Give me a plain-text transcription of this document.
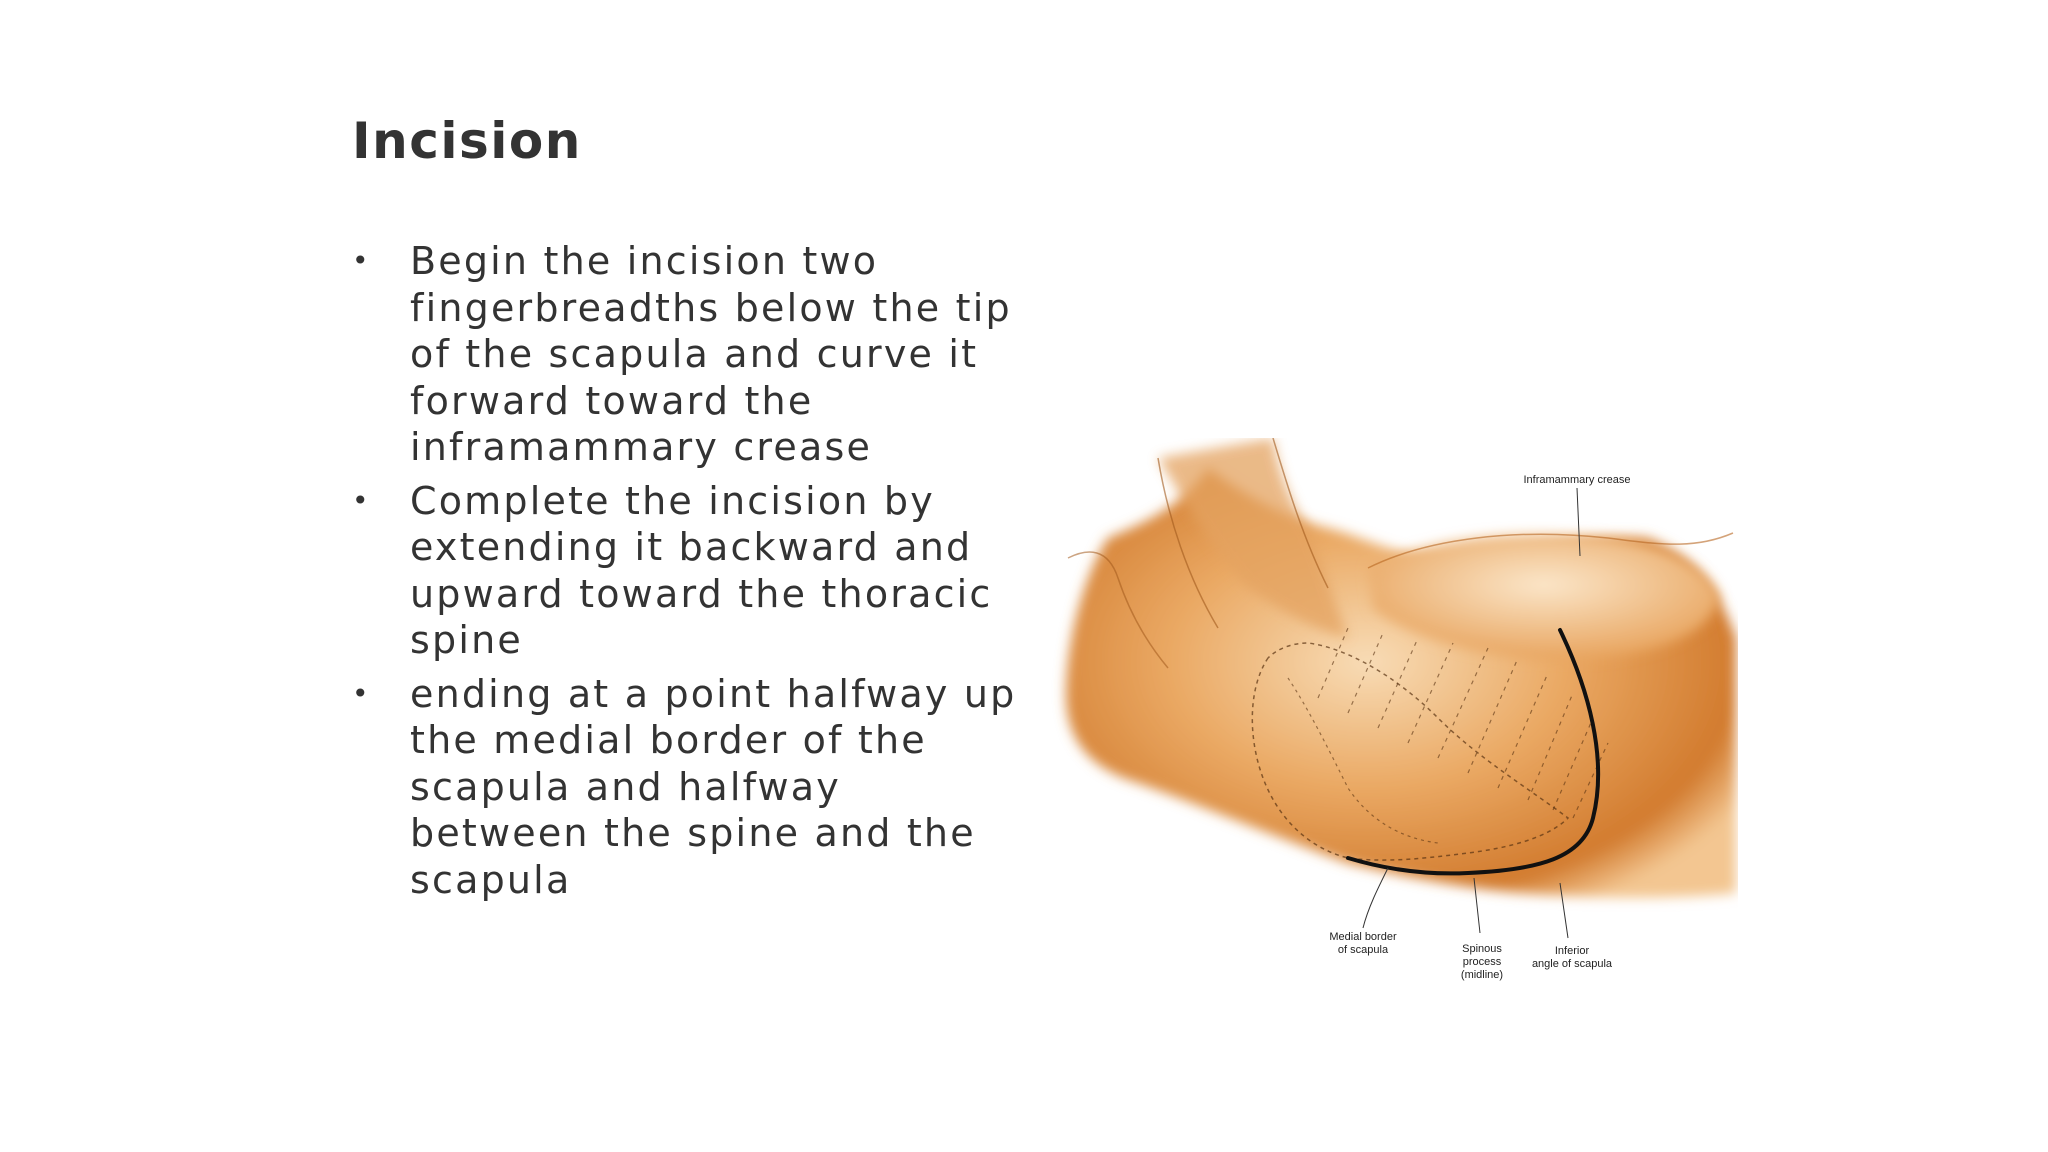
Incision
• Begin the incision two fingerbreadths below the tip of the scapula and curve it forward toward the inframammary crease
• Complete the incision by extending it backward and upward toward the thoracic spine
• ending at a point halfway up the medial border of the scapula and halfway between the spine and the scapula
Inframammary crease
Medial border
of scapula	Spinous
process
(midline)
Inferior
angle of scapula
